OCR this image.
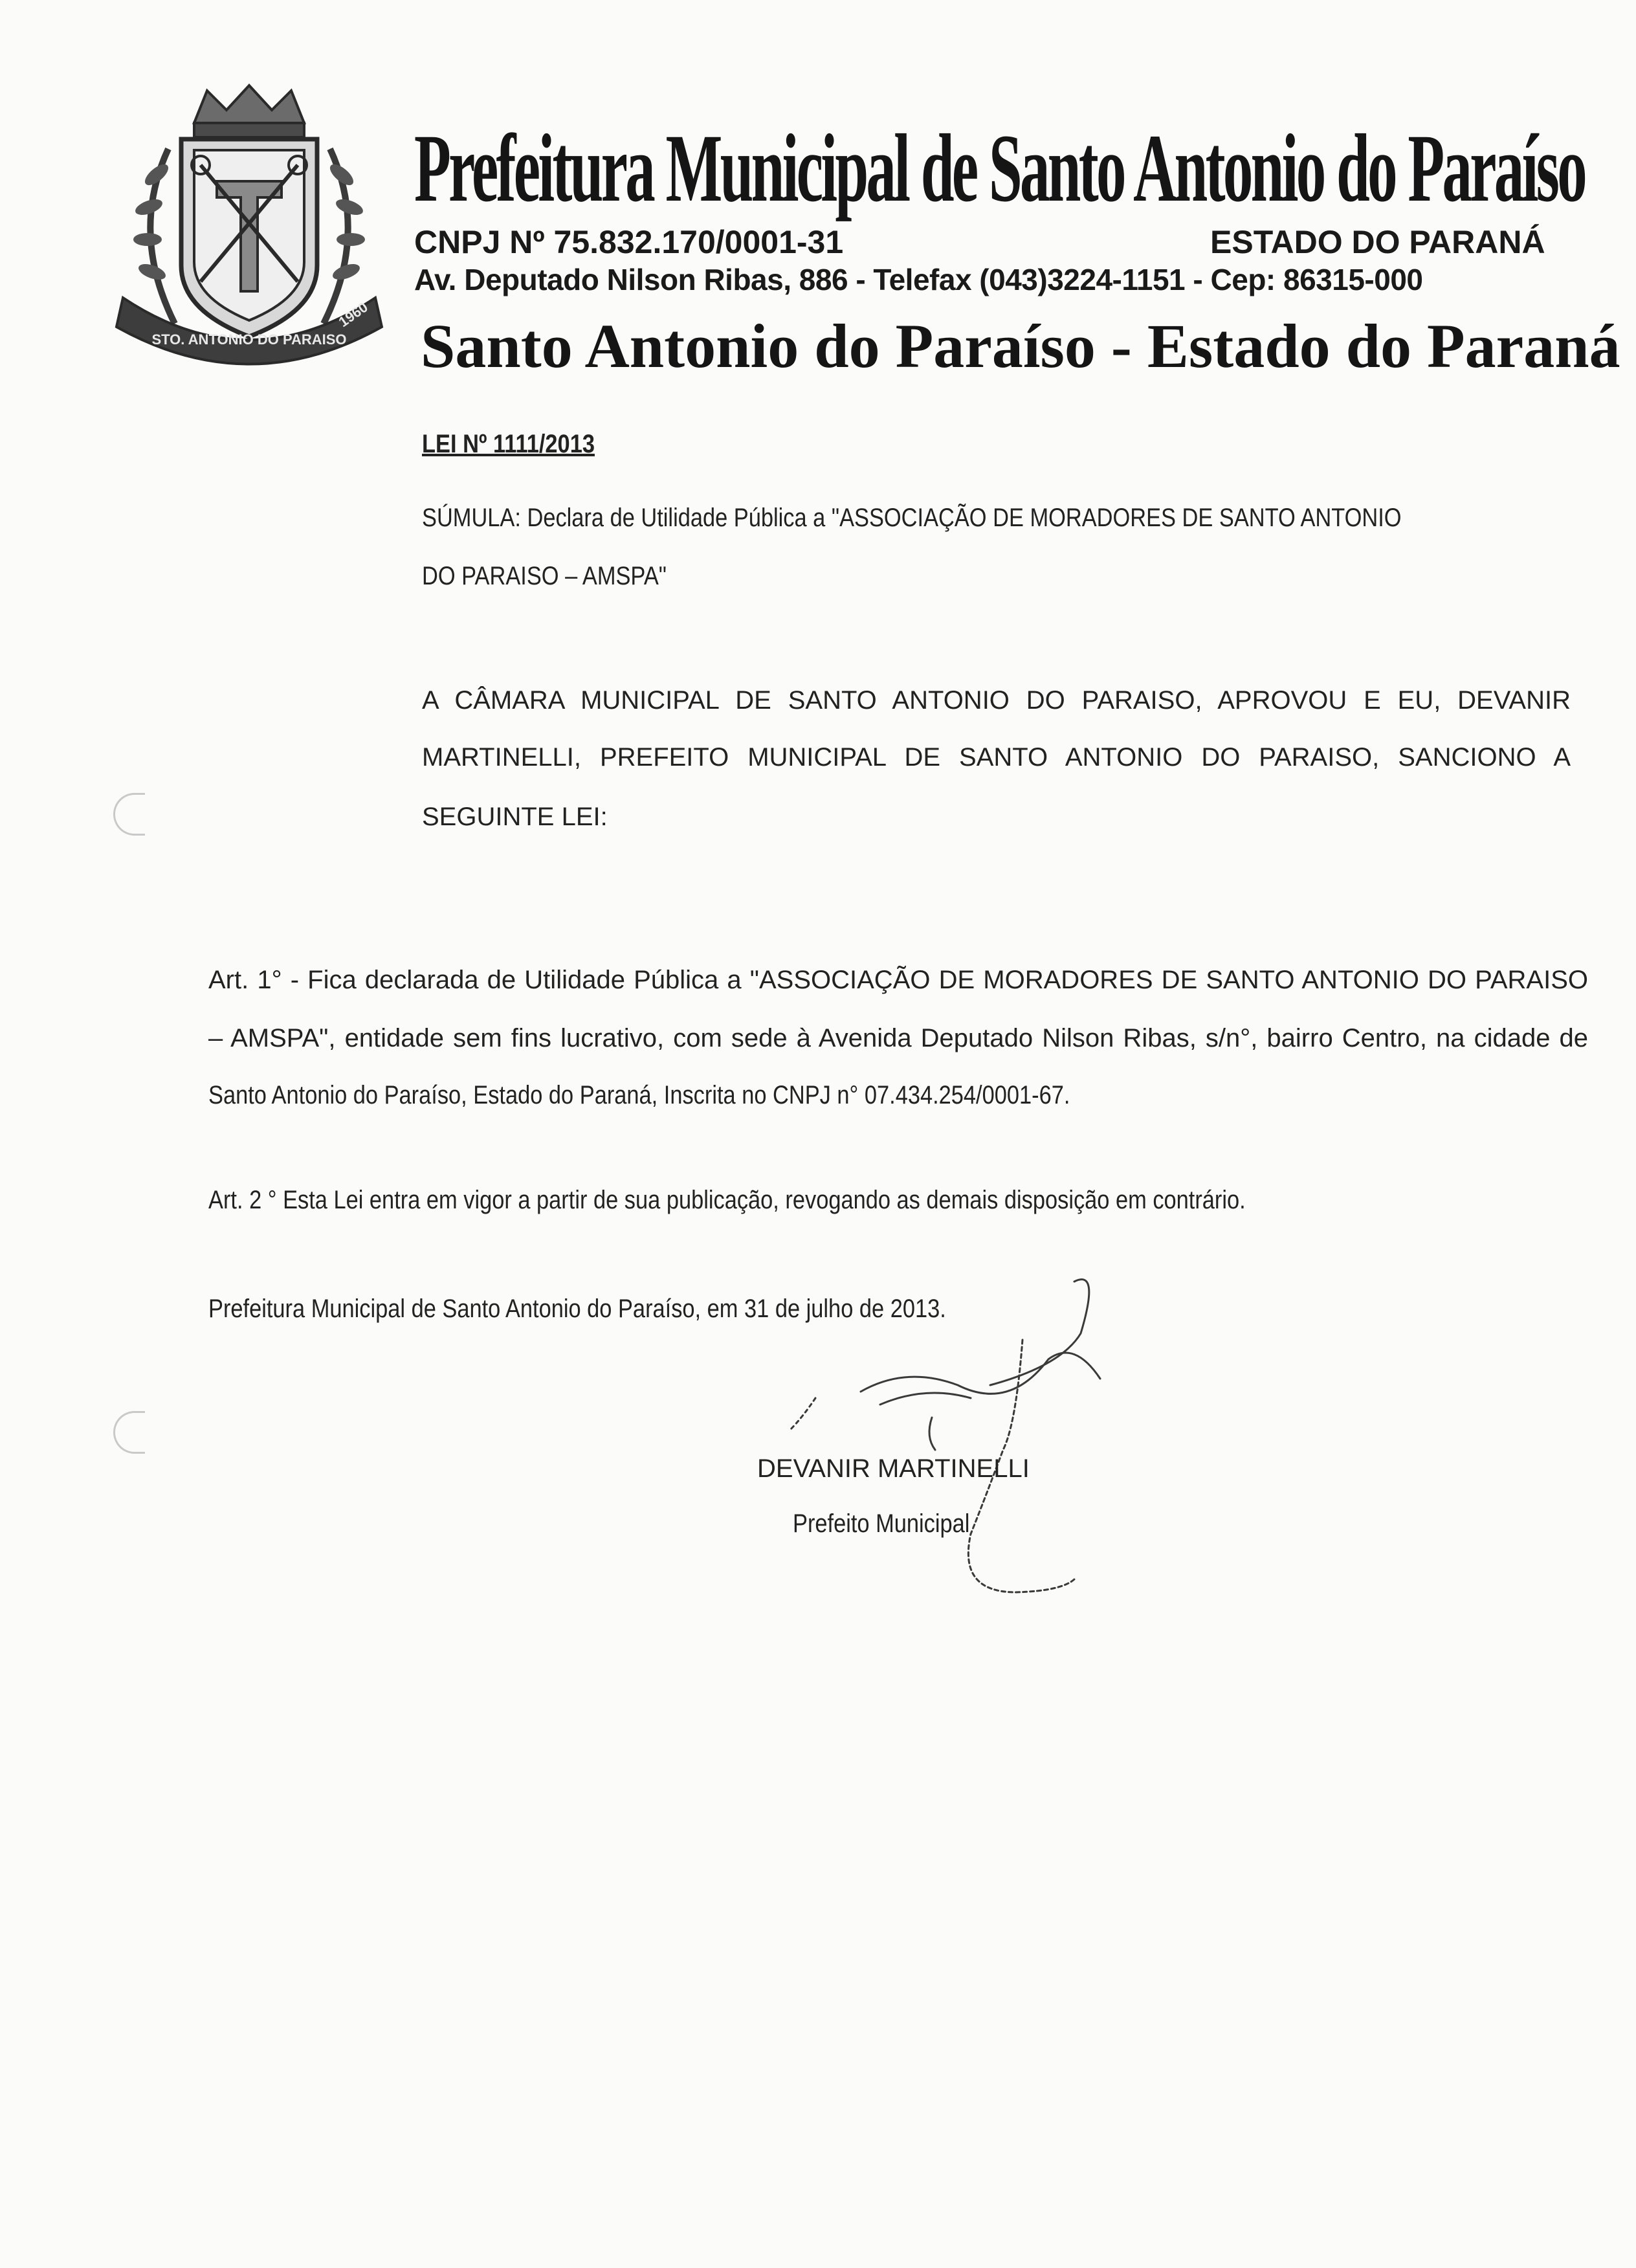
STO. ANTONIO DO PARAISO
1960
Prefeitura Municipal de Santo Antonio do Paraíso
CNPJ Nº 75.832.170/0001-31	ESTADO DO PARANÁ
Av. Deputado Nilson Ribas, 886 - Telefax (043)3224-1151 - Cep: 86315-000
Santo Antonio do Paraíso - Estado do Paraná
LEI Nº 1111/2013
SÚMULA: Declara de Utilidade Pública a "ASSOCIAÇÃO DE MORADORES DE SANTO ANTONIO
DO PARAISO – AMSPA"
A CÂMARA MUNICIPAL DE SANTO ANTONIO DO PARAISO, APROVOU E EU, DEVANIR
MARTINELLI, PREFEITO MUNICIPAL DE SANTO ANTONIO DO PARAISO, SANCIONO A
SEGUINTE LEI:
Art. 1° - Fica declarada de Utilidade Pública a "ASSOCIAÇÃO DE MORADORES DE SANTO ANTONIO DO PARAISO
– AMSPA", entidade sem fins lucrativo, com sede à Avenida Deputado Nilson Ribas, s/n°, bairro Centro, na cidade de
Santo Antonio do Paraíso, Estado do Paraná, Inscrita no CNPJ n° 07.434.254/0001-67.
Art. 2 ° Esta Lei entra em vigor a partir de sua publicação, revogando as demais disposição em contrário.
Prefeitura Municipal de Santo Antonio do Paraíso, em 31 de julho de 2013.
DEVANIR MARTINELLI
Prefeito Municipal
